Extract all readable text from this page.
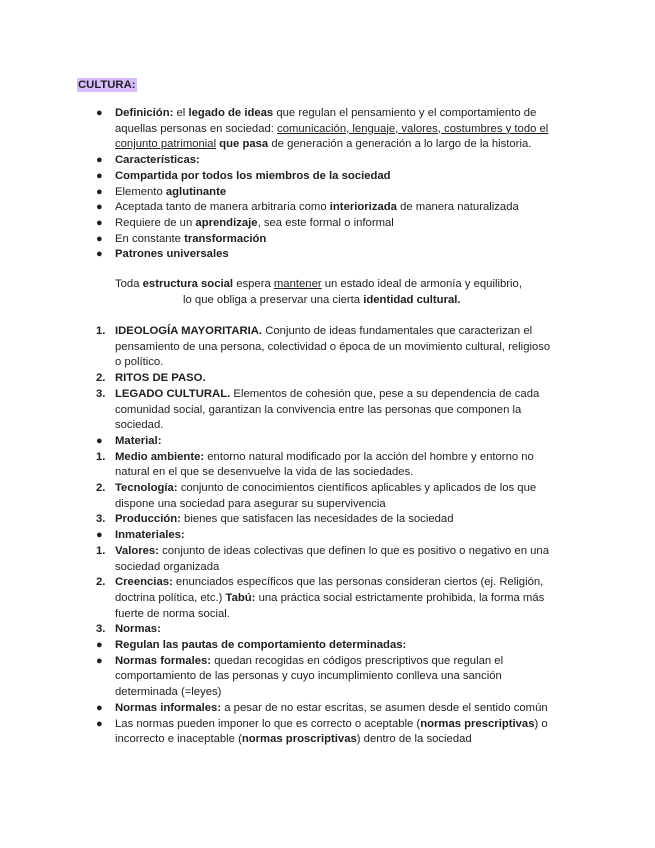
CULTURA:
● Definición: el legado de ideas que regulan el pensamiento y el comportamiento de
aquellas personas en sociedad: comunicación, lenguaje, valores, costumbres y todo el
conjunto patrimonial que pasa de generación a generación a lo largo de la historia.
● Características:
● Compartida por todos los miembros de la sociedad
● Elemento aglutinante
● Aceptada tanto de manera arbitraria como interiorizada de manera naturalizada
● Requiere de un aprendizaje, sea este formal o informal
● En constante transformación
● Patrones universales
Toda estructura social espera mantener un estado ideal de armonía y equilibrio,
lo que obliga a preservar una cierta identidad cultural.
1. IDEOLOGÍA MAYORITARIA. Conjunto de ideas fundamentales que caracterizan el
pensamiento de una persona, colectividad o época de un movimiento cultural, religioso
o político.
2. RITOS DE PASO.
3. LEGADO CULTURAL. Elementos de cohesión que, pese a su dependencia de cada
comunidad social, garantizan la convivencia entre las personas que componen la
sociedad.
● Material:
1. Medio ambiente: entorno natural modificado por la acción del hombre y entorno no
natural en el que se desenvuelve la vida de las sociedades.
2. Tecnología: conjunto de conocimientos científicos aplicables y aplicados de los que
dispone una sociedad para asegurar su supervivencia
3. Producción: bienes que satisfacen las necesidades de la sociedad
● Inmateriales:
1. Valores: conjunto de ideas colectivas que definen lo que es positivo o negativo en una
sociedad organizada
2. Creencias: enunciados específicos que las personas consideran ciertos (ej. Religión,
doctrina política, etc.) Tabú: una práctica social estrictamente prohibida, la forma más
fuerte de norma social.
3. Normas:
● Regulan las pautas de comportamiento determinadas:
● Normas formales: quedan recogidas en códigos prescriptivos que regulan el
comportamiento de las personas y cuyo incumplimiento conlleva una sanción
determinada (=leyes)
● Normas informales: a pesar de no estar escritas, se asumen desde el sentido común
● Las normas pueden imponer lo que es correcto o aceptable (normas prescriptivas) o
incorrecto e inaceptable (normas proscriptivas) dentro de la sociedad
